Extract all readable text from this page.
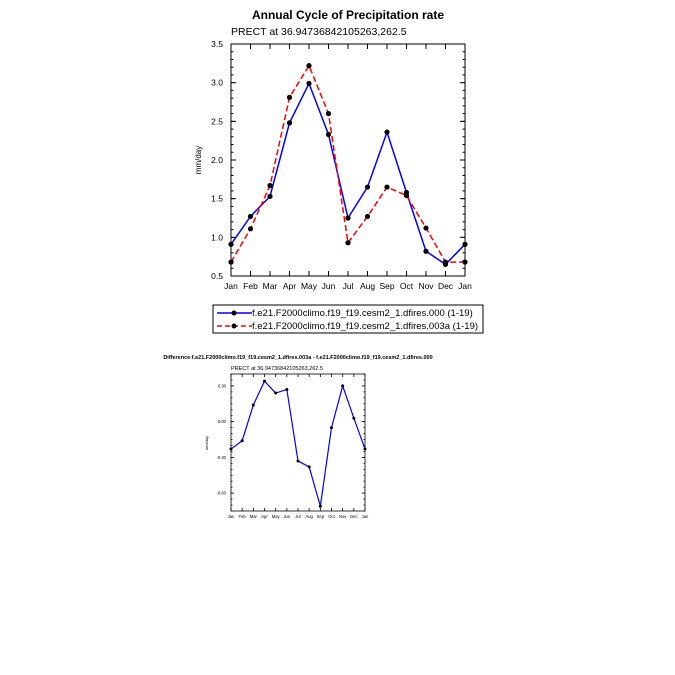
Annual Cycle of Precipitation rate
PRECT at 36.94736842105263,262.5
mm/day
Jan Feb Mar Apr May Jun Jul Aug Sep Oct Nov Dec Jan
0.5
1.0
1.5
2.0
2.5
3.0
3.5
f.e21.F2000climo.f19_f19.cesm2_1.dfires.000 (1-19)
f.e21.F2000climo.f19_f19.cesm2_1.dfires.003a (1-19)
Difference f.e21.F2000climo.f19_f19.cesm2_1.dfires.003a - f.e21.F2000climo.f19_f19.cesm2_1.dfires.000
PRECT at 36.94736842105263,262.5
mm/day
Jan Feb Mar Apr May Jun Jul Aug Sep Oct Nov Dec Jan
0.30
0.00
-0.30
-0.60
